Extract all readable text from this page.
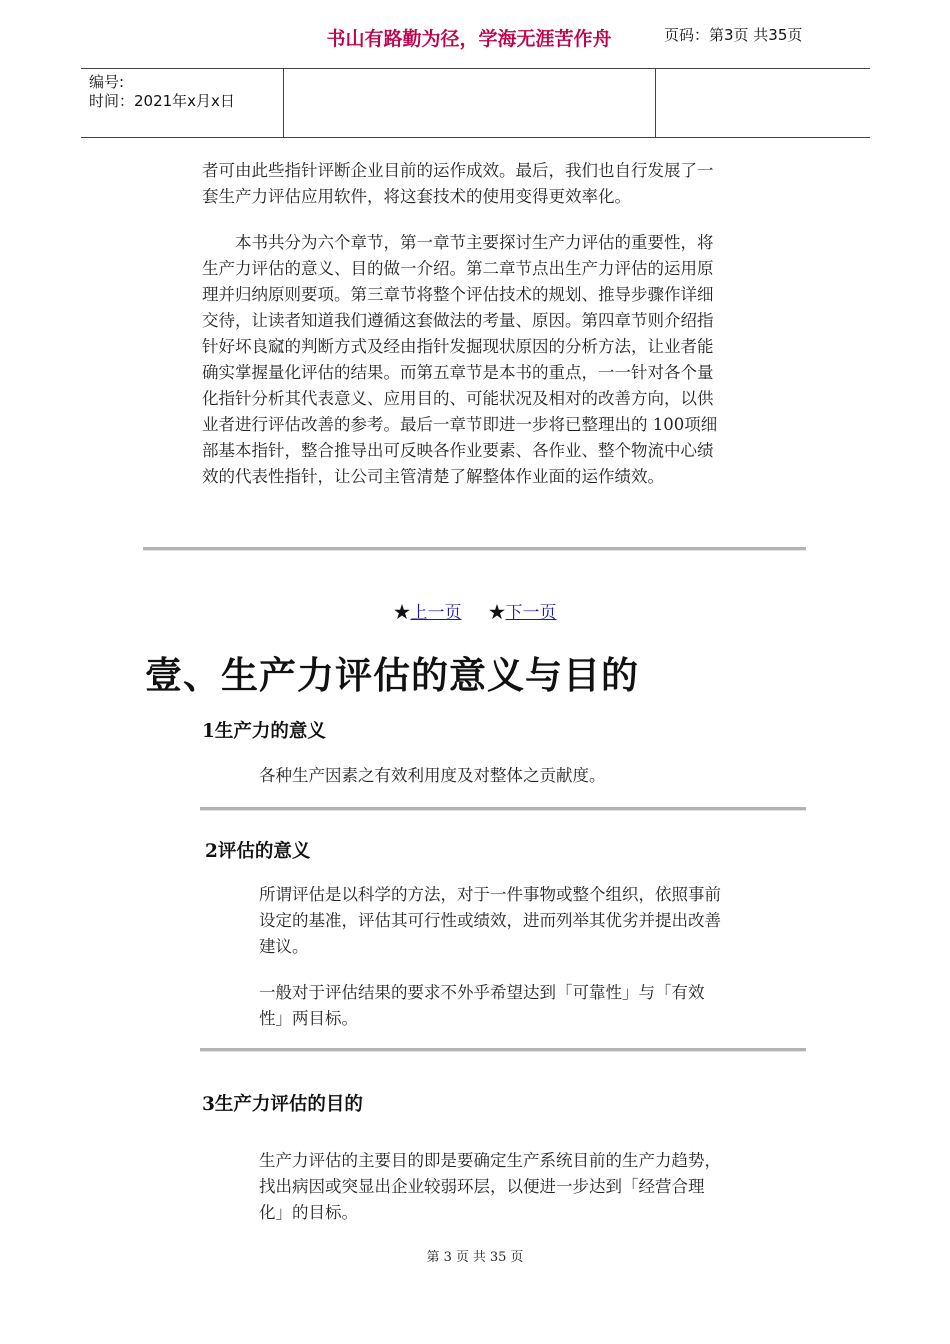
编号:
时间：2021年x月x日
书山有路勤为径，学海无涯苦作舟	页码：第3页 共35页
者可由此些指针评断企业目前的运作成效。最后，我们也自行发展了一
套生产力评估应用软件，将这套技术的使用变得更效率化。
　　本书共分为六个章节，第一章节主要探讨生产力评估的重要性，将
生产力评估的意义、目的做一介绍。第二章节点出生产力评估的运用原
理并归纳原则要项。第三章节将整个评估技术的规划、推导步骤作详细
交待，让读者知道我们遵循这套做法的考量、原因。第四章节则介绍指
针好坏良窳的判断方式及经由指针发掘现状原因的分析方法，让业者能
确实掌握量化评估的结果。而第五章节是本书的重点，一一针对各个量
化指针分析其代表意义、应用目的、可能状况及相对的改善方向，以供
业者进行评估改善的参考。最后一章节即进一步将已整理出的 100项细
部基本指针，整合推导出可反映各作业要素、各作业、整个物流中心绩
效的代表性指针，让公司主管清楚了解整体作业面的运作绩效。
★上一页 ★下一页
壹、生产力评估的意义与目的
1生产力的意义
各种生产因素之有效利用度及对整体之贡献度。
2评估的意义
所谓评估是以科学的方法，对于一件事物或整个组织，依照事前
设定的基准，评估其可行性或绩效，进而列举其优劣并提出改善
建议。
一般对于评估结果的要求不外乎希望达到「可靠性」与「有效
性」两目标。
3生产力评估的目的
生产力评估的主要目的即是要确定生产系统目前的生产力趋势，
找出病因或突显出企业较弱环层，以便进一步达到「经营合理
化」的目标。
第 3 页 共 35 页
